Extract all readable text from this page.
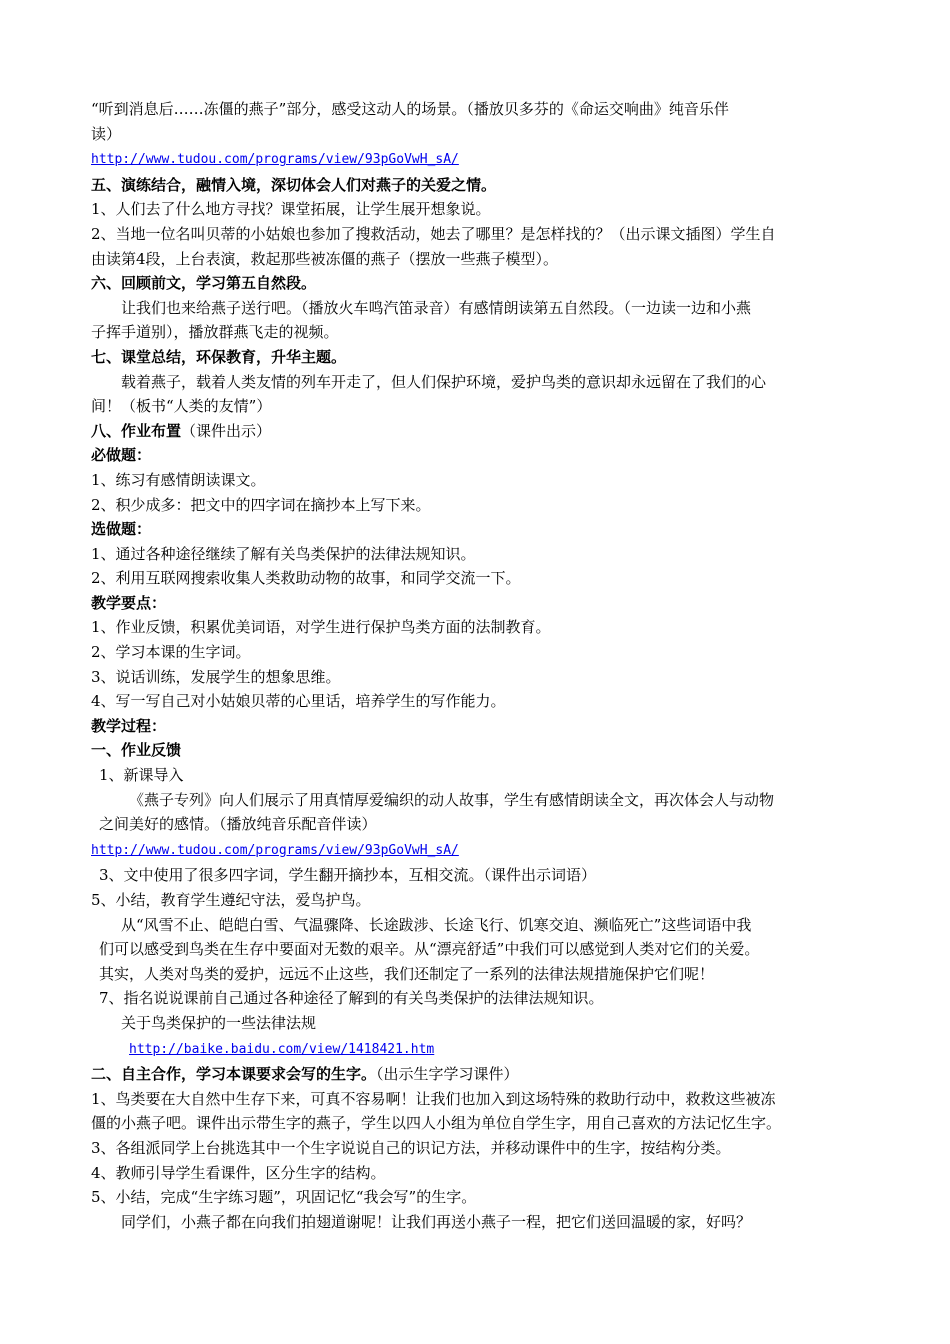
“听到消息后……冻僵的燕子”部分，感受这动人的场景。（播放贝多芬的《命运交响曲》纯音乐伴
读）
http://www.tudou.com/programs/view/93pGoVwH_sA/
五、演练结合，融情入境，深切体会人们对燕子的关爱之情。
1、人们去了什么地方寻找？课堂拓展，让学生展开想象说。
2、当地一位名叫贝蒂的小姑娘也参加了搜救活动，她去了哪里？是怎样找的？（出示课文插图）学生自
由读第4段，上台表演，救起那些被冻僵的燕子（摆放一些燕子模型）。
六、回顾前文，学习第五自然段。
让我们也来给燕子送行吧。（播放火车鸣汽笛录音）有感情朗读第五自然段。（一边读一边和小燕
子挥手道别），播放群燕飞走的视频。
七、课堂总结，环保教育，升华主题。
载着燕子，载着人类友情的列车开走了，但人们保护环境，爱护鸟类的意识却永远留在了我们的心
间！（板书“人类的友情”）
八、作业布置（课件出示）
必做题：
1、练习有感情朗读课文。
2、积少成多：把文中的四字词在摘抄本上写下来。
选做题：
1、通过各种途径继续了解有关鸟类保护的法律法规知识。
2、利用互联网搜索收集人类救助动物的故事，和同学交流一下。
教学要点：
1、作业反馈，积累优美词语，对学生进行保护鸟类方面的法制教育。
2、学习本课的生字词。
3、说话训练，发展学生的想象思维。
4、写一写自己对小姑娘贝蒂的心里话，培养学生的写作能力。
教学过程：
一、作业反馈
1、新课导入
《燕子专列》向人们展示了用真情厚爱编织的动人故事，学生有感情朗读全文，再次体会人与动物
之间美好的感情。（播放纯音乐配音伴读）
http://www.tudou.com/programs/view/93pGoVwH_sA/
3、文中使用了很多四字词，学生翻开摘抄本，互相交流。（课件出示词语）
5、小结，教育学生遵纪守法，爱鸟护鸟。
从“风雪不止、皑皑白雪、气温骤降、长途跋涉、长途飞行、饥寒交迫、濒临死亡”这些词语中我
们可以感受到鸟类在生存中要面对无数的艰辛。从“漂亮舒适”中我们可以感觉到人类对它们的关爱。
其实，人类对鸟类的爱护，远远不止这些，我们还制定了一系列的法律法规措施保护它们呢！
7、指名说说课前自己通过各种途径了解到的有关鸟类保护的法律法规知识。
关于鸟类保护的一些法律法规
http://baike.baidu.com/view/1418421.htm
二、自主合作，学习本课要求会写的生字。（出示生字学习课件）
1、鸟类要在大自然中生存下来，可真不容易啊！让我们也加入到这场特殊的救助行动中，救救这些被冻
僵的小燕子吧。课件出示带生字的燕子，学生以四人小组为单位自学生字，用自己喜欢的方法记忆生字。
3、各组派同学上台挑选其中一个生字说说自己的识记方法，并移动课件中的生字，按结构分类。
4、教师引导学生看课件，区分生字的结构。
5、小结，完成“生字练习题”，巩固记忆“我会写”的生字。
同学们，小燕子都在向我们拍翅道谢呢！让我们再送小燕子一程，把它们送回温暖的家，好吗？
